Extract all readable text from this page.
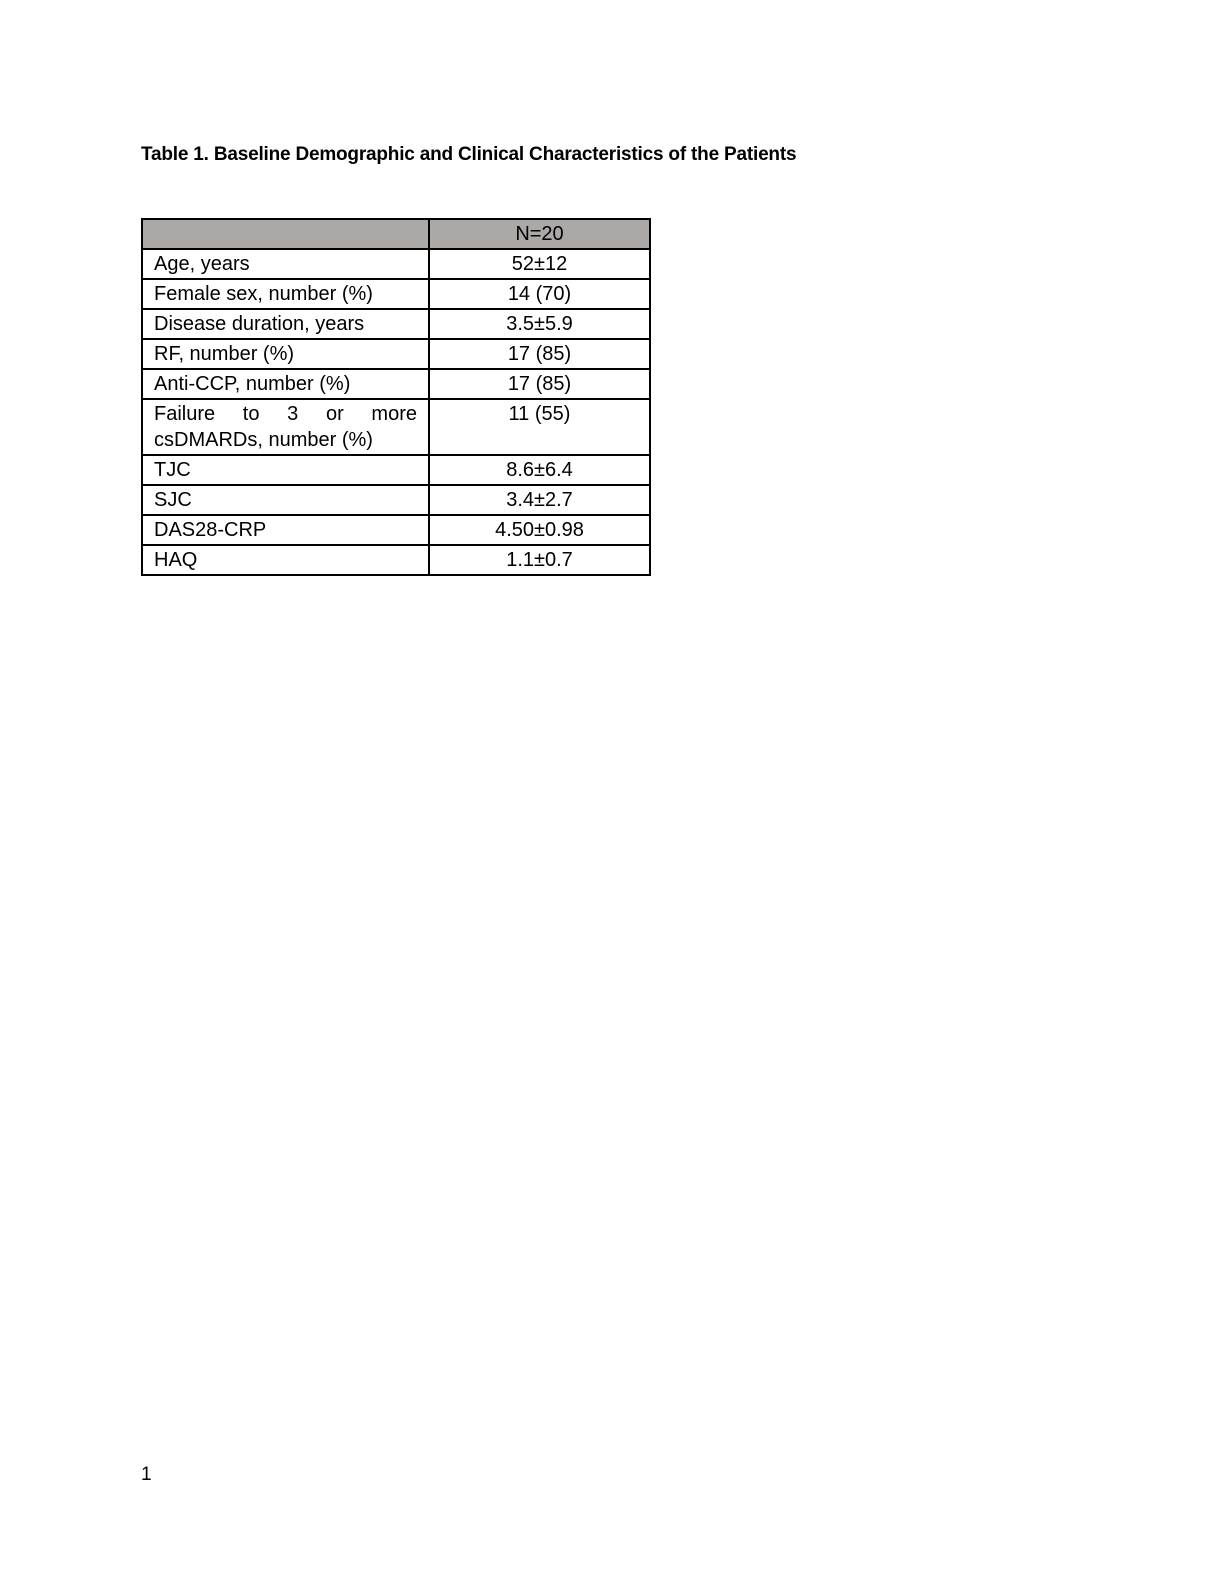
Table 1. Baseline Demographic and Clinical Characteristics of the Patients
	N=20
Age, years	52±12
Female sex, number (%)	14 (70)
Disease duration, years	3.5±5.9
RF, number (%)	17 (85)
Anti-CCP, number (%)	17 (85)
Failure to 3 or more csDMARDs, number (%)	11 (55)
TJC	8.6±6.4
SJC	3.4±2.7
DAS28-CRP	4.50±0.98
HAQ	1.1±0.7
1
